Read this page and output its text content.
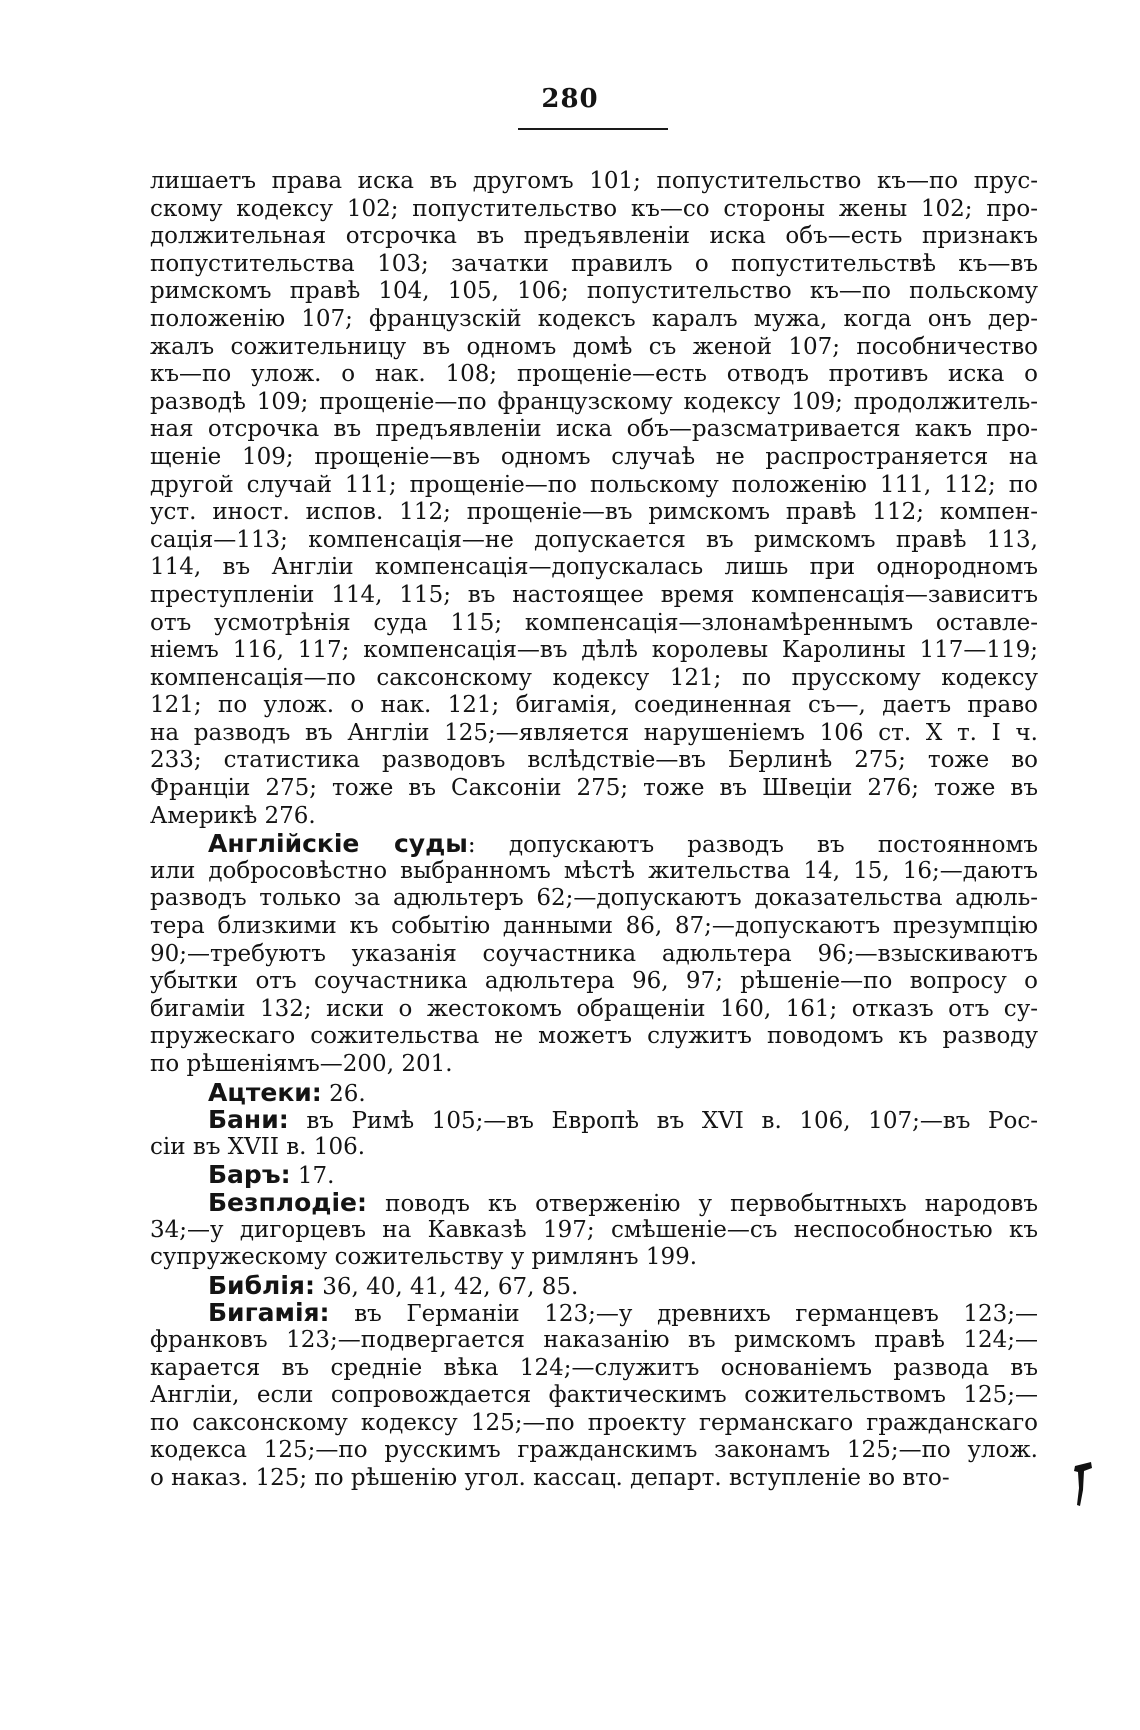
280
лишаетъ права иска въ другомъ 101; попустительство къ—по прус-
скому кодексу 102; попустительство къ—со стороны жены 102; про-
должительная отсрочка въ предъявленіи иска объ—есть признакъ
попустительства 103; зачатки правилъ о попустительствѣ къ—въ
римскомъ правѣ 104, 105, 106; попустительство къ—по польскому
положенію 107; французскій кодексъ каралъ мужа, когда онъ дер-
жалъ сожительницу въ одномъ домѣ съ женой 107; пособничество
къ—по улож. о нак. 108; прощеніе—есть отводъ противъ иска о
разводѣ 109; прощеніе—по французскому кодексу 109; продолжитель-
ная отсрочка въ предъявленіи иска объ—разсматривается какъ про-
щеніе 109; прощеніе—въ одномъ случаѣ не распространяется на
другой случай 111; прощеніе—по польскому положенію 111, 112; по
уст. иност. испов. 112; прощеніе—въ римскомъ правѣ 112; компен-
сація—113; компенсація—не допускается въ римскомъ правѣ 113,
114, въ Англіи компенсація—допускалась лишь при однородномъ
преступленіи 114, 115; въ настоящее время компенсація—зависитъ
отъ усмотрѣнія суда 115; компенсація—злонамѣреннымъ оставле-
ніемъ 116, 117; компенсація—въ дѣлѣ королевы Каролины 117—119;
компенсація—по саксонскому кодексу 121; по прусскому кодексу
121; по улож. о нак. 121; бигамія, соединенная съ—, даетъ право
на разводъ въ Англіи 125;—является нарушеніемъ 106 ст. X т. I ч.
233; статистика разводовъ вслѣдствіе—въ Берлинѣ 275; тоже во
Франціи 275; тоже въ Саксоніи 275; тоже въ Швеціи 276; тоже въ
Америкѣ 276.
Англійскіе суды: допускаютъ разводъ въ постоянномъ
или добросовѣстно выбранномъ мѣстѣ жительства 14, 15, 16;—даютъ
разводъ только за адюльтеръ 62;—допускаютъ доказательства адюль-
тера близкими къ событію данными 86, 87;—допускаютъ презумпцію
90;—требуютъ указанія соучастника адюльтера 96;—взыскиваютъ
убытки отъ соучастника адюльтера 96, 97; рѣшеніе—по вопросу о
бигаміи 132; иски о жестокомъ обращеніи 160, 161; отказъ отъ су-
пружескаго сожительства не можетъ служитъ поводомъ къ разводу
по рѣшеніямъ—200, 201.
Ацтеки: 26.
Бани: въ Римѣ 105;—въ Европѣ въ XVI в. 106, 107;—въ Рос-
сіи въ XVII в. 106.
Баръ: 17.
Безплодіе: поводъ къ отверженію у первобытныхъ народовъ
34;—у дигорцевъ на Кавказѣ 197; смѣшеніе—съ неспособностью къ
супружескому сожительству у римлянъ 199.
Библія: 36, 40, 41, 42, 67, 85.
Бигамія: въ Германіи 123;—у древнихъ германцевъ 123;—
франковъ 123;—подвергается наказанію въ римскомъ правѣ 124;—
карается въ средніе вѣка 124;—служитъ основаніемъ развода въ
Англіи, если сопровождается фактическимъ сожительствомъ 125;—
по саксонскому кодексу 125;—по проекту германскаго гражданскаго
кодекса 125;—по русскимъ гражданскимъ законамъ 125;—по улож.
о наказ. 125; по рѣшенію угол. кассац. департ. вступленіе во вто-
